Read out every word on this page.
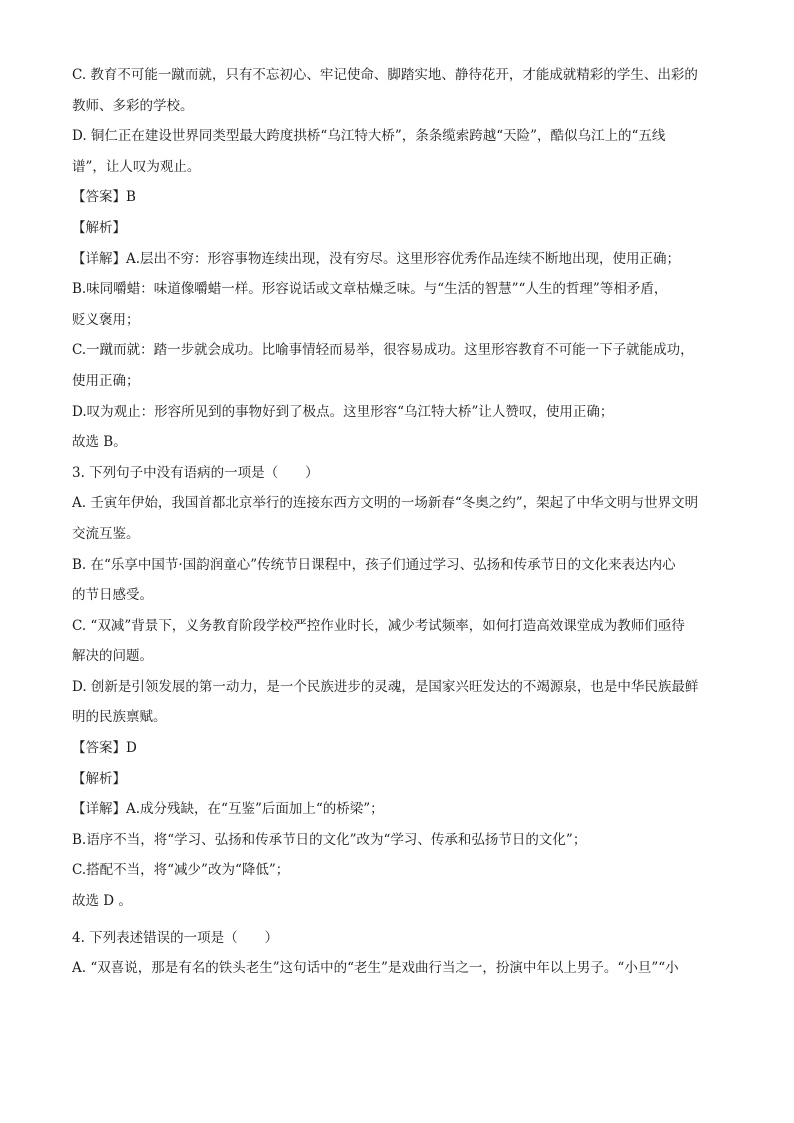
C. 教育不可能一蹴而就，只有不忘初心、牢记使命、脚踏实地、静待花开，才能成就精彩的学生、出彩的
教师、多彩的学校。
D. 铜仁正在建设世界同类型最大跨度拱桥“乌江特大桥”，条条缆索跨越“天险”，酷似乌江上的“五线
谱”，让人叹为观止。
【答案】B
【解析】
【详解】A.层出不穷：形容事物连续出现，没有穷尽。这里形容优秀作品连续不断地出现，使用正确；
B.味同嚼蜡：味道像嚼蜡一样。形容说话或文章枯燥乏味。与“生活的智慧”“人生的哲理”等相矛盾，
贬义褒用；
C.一蹴而就：踏一步就会成功。比喻事情轻而易举，很容易成功。这里形容教育不可能一下子就能成功，
使用正确；
D.叹为观止：形容所见到的事物好到了极点。这里形容“乌江特大桥”让人赞叹，使用正确；
故选 B。
3. 下列句子中没有语病的一项是（　　）
A. 壬寅年伊始，我国首都北京举行的连接东西方文明的一场新春“冬奥之约”，架起了中华文明与世界文明
交流互鉴。
B. 在“乐享中国节·国韵润童心”传统节日课程中，孩子们通过学习、弘扬和传承节日的文化来表达内心
的节日感受。
C. “双减”背景下，义务教育阶段学校严控作业时长，减少考试频率，如何打造高效课堂成为教师们亟待
解决的问题。
D. 创新是引领发展的第一动力，是一个民族进步的灵魂，是国家兴旺发达的不竭源泉，也是中华民族最鲜
明的民族禀赋。
【答案】D
【解析】
【详解】A.成分残缺，在“互鉴”后面加上“的桥梁”；
B.语序不当，将“学习、弘扬和传承节日的文化”改为“学习、传承和弘扬节日的文化”；
C.搭配不当，将“减少”改为“降低”；
故选 D 。
4. 下列表述错误的一项是（　　）
A. “双喜说，那是有名的铁头老生”这句话中的“老生”是戏曲行当之一，扮演中年以上男子。“小旦”“小
